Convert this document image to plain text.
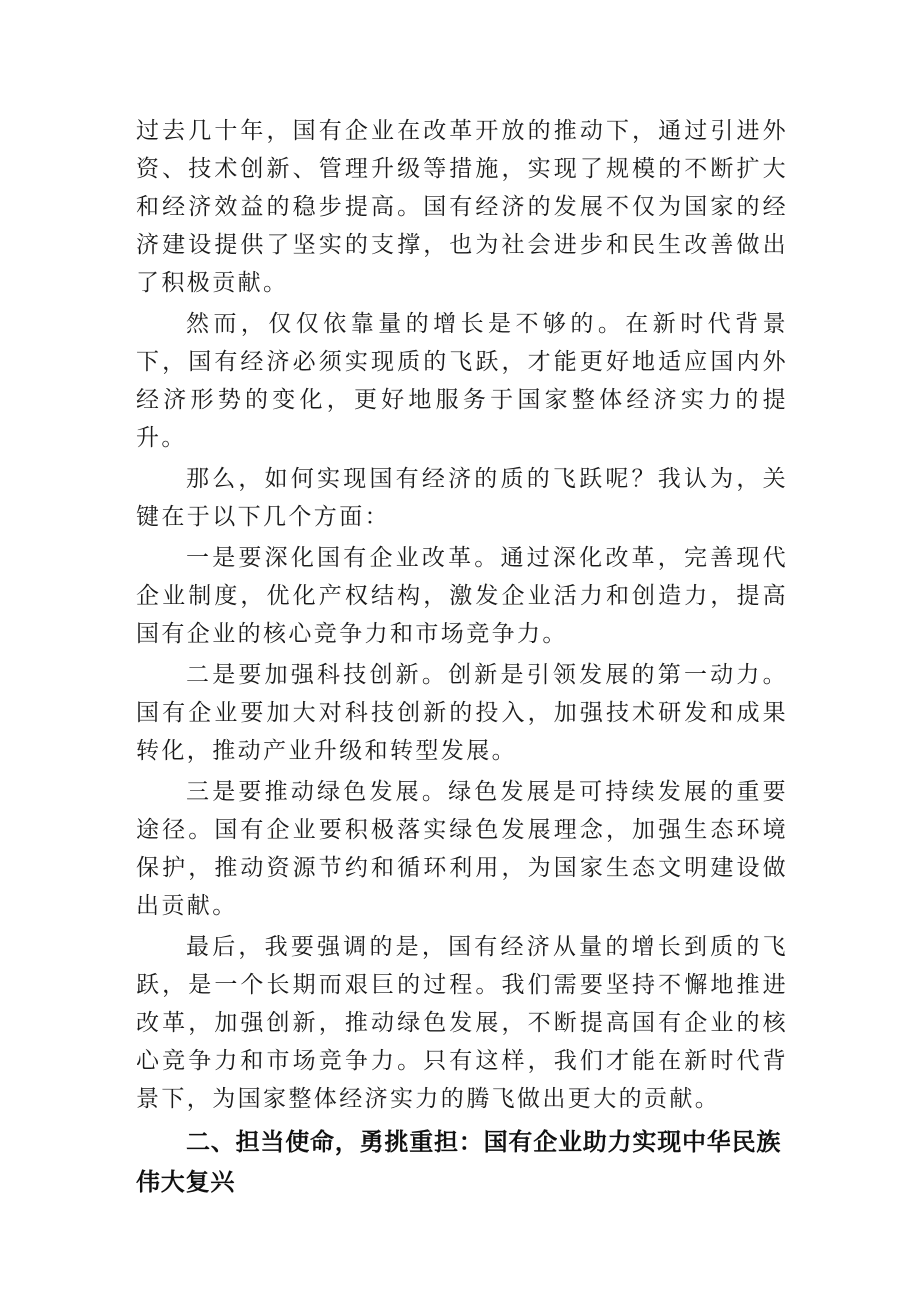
过去几十年，国有企业在改革开放的推动下，通过引进外资、技术创新、管理升级等措施，实现了规模的不断扩大和经济效益的稳步提高。国有经济的发展不仅为国家的经济建设提供了坚实的支撑，也为社会进步和民生改善做出了积极贡献。

然而，仅仅依靠量的增长是不够的。在新时代背景下，国有经济必须实现质的飞跃，才能更好地适应国内外经济形势的变化，更好地服务于国家整体经济实力的提升。

那么，如何实现国有经济的质的飞跃呢？我认为，关键在于以下几个方面：

一是要深化国有企业改革。通过深化改革，完善现代企业制度，优化产权结构，激发企业活力和创造力，提高国有企业的核心竞争力和市场竞争力。

二是要加强科技创新。创新是引领发展的第一动力。国有企业要加大对科技创新的投入，加强技术研发和成果转化，推动产业升级和转型发展。

三是要推动绿色发展。绿色发展是可持续发展的重要途径。国有企业要积极落实绿色发展理念，加强生态环境保护，推动资源节约和循环利用，为国家生态文明建设做出贡献。

最后，我要强调的是，国有经济从量的增长到质的飞跃，是一个长期而艰巨的过程。我们需要坚持不懈地推进改革，加强创新，推动绿色发展，不断提高国有企业的核心竞争力和市场竞争力。只有这样，我们才能在新时代背景下，为国家整体经济实力的腾飞做出更大的贡献。

二、担当使命，勇挑重担：国有企业助力实现中华民族伟大复兴
